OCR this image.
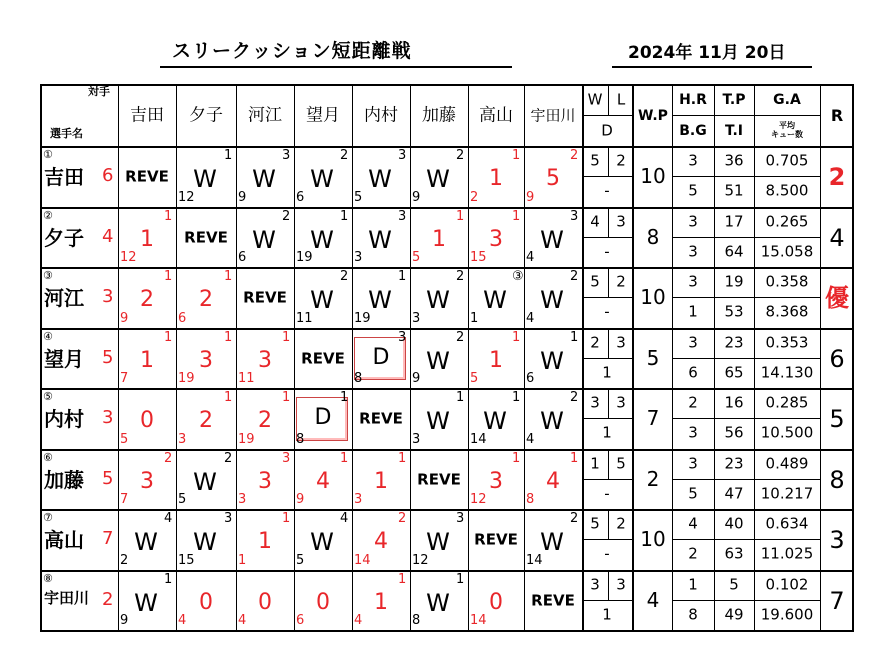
スリークッション短距離戦	2024年 11月 20日
対手
選手名
吉田 夕子 河江 望月 内村 加藤 高山 宇田川
W L
D
W.P
H.R
B.G
T.P
T.I
G.A
平均
キュー数
R
①
吉田 6 REVE W
1
12
W
3
9
W
2
6
W
3
5
W
2
9
1
1
2
5
2
9
5 2
-
10
3
5
36
51
0.705
8.500 2
②
夕子 4 1
1
12
REVE W
2
6
W
1
19
W
3
3
1
1
5
3
1
15
W
3
4
4 3
-
8
3
3
17
64
0.265
15.058 4
③
河江 3 2
1
9
2
1
6
REVE W
2
11
W
1
19
W
2
3
W
③
1
W
2
4
5 2
-
10
3
1
19
53
0.358
8.368 優
④
望月 5 1
1
7
3
1
19
3
1
11
REVE D
3
8
W
2
9
1
1
5
W
1
6
2 3
1
5
3
6
23
65
0.353
14.130 6
⑤
内村 3 0
5
2
1
3
2
1
19
D
1
8
REVE W
1
3
W
1
14
W
2
4
3 3
1
7
2
3
16
56
0.285
10.500 5
⑥
加藤 5 3
2
7
W
2
5
3
3
3
4
1
9
1
1
3
REVE 3
1
12
4
1
8
1 5
-
2
3
5
23
47
0.489
10.217 8
⑦
高山 7 W
4
2
W
3
15
1
1
1
W
4
5
4
2
14
W
3
12
REVE W
2
14
5 2
-
10
4
2
40
63
0.634
11.025 3
⑧
宇田川 2 W
1
9
0
4
0
4
0
6
1
1
4
W
1
8
0
14
REVE
3 3
1
4
1
8
5
49
0.102
19.600 7
